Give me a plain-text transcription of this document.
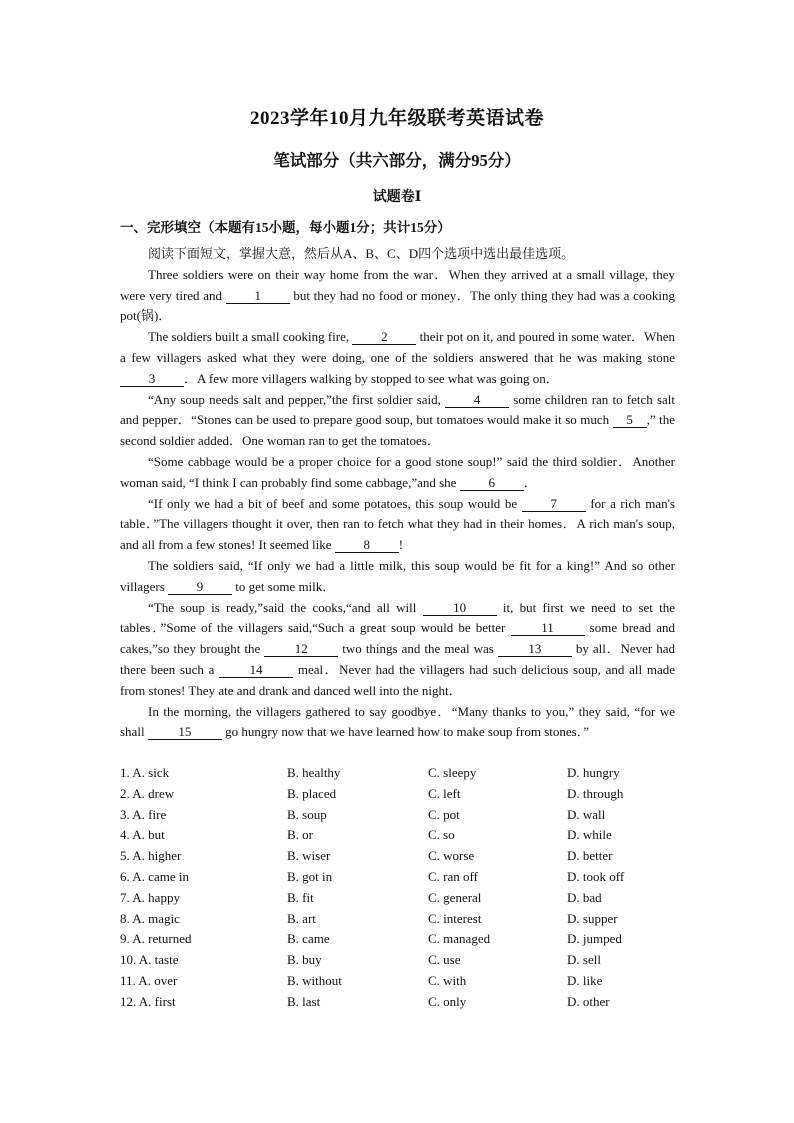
2023学年10月九年级联考英语试卷
笔试部分（共六部分，满分95分）
试题卷Ⅰ
一、完形填空（本题有15小题，每小题1分；共计15分）

阅读下面短文，掌握大意，然后从A、B、C、D四个选项中选出最佳选项。

Three soldiers were on their way home from the war．When they arrived at a small village, they were very tired and 1 but they had no food or money．The only thing they had was a cooking pot(锅)．

The soldiers built a small cooking fire, 2 their pot on it, and poured in some water．When a few villagers asked what they were doing, one of the soldiers answered that he was making stone 3 ．A few more villagers walking by stopped to see what was going on．

“Any soup needs salt and pepper,”the first soldier said, 4 some children ran to fetch salt and pepper．“Stones can be used to prepare good soup, but tomatoes would make it so much 5 ,” the second soldier added．One woman ran to get the tomatoes．

“Some cabbage would be a proper choice for a good stone soup!” said the third soldier．Another woman said, “I think I can probably find some cabbage,”and she 6 ．

“If only we had a bit of beef and some potatoes, this soup would be 7 for a rich man's table．”The villagers thought it over, then ran to fetch what they had in their homes．A rich man's soup, and all from a few stones! It seemed like 8 !

The soldiers said, “If only we had a little milk, this soup would be fit for a king!” And so other villagers 9 to get some milk．

“The soup is ready,”said the cooks,“and all will 10 it, but first we need to set the tables．”Some of the villagers said,“Such a great soup would be better 11 some bread and cakes,”so they brought the 12 two things and the meal was 13 by all．Never had there been such a 14 meal．Never had the villagers had such delicious soup, and all made from stones! They ate and drank and danced well into the night．

In the morning, the villagers gathered to say goodbye．“Many thanks to you,” they said, “for we shall 15 go hungry now that we have learned how to make soup from stones．”

1. A. sick	B. healthy	C. sleepy	D. hungry
2. A. drew	B. placed	C. left	D. through
3. A. fire	B. soup	C. pot	D. wall
4. A. but	B. or	C. so	D. while
5. A. higher	B. wiser	C. worse	D. better
6. A. came in	B. got in	C. ran off	D. took off
7. A. happy	B. fit	C. general	D. bad
8. A. magic	B. art	C. interest	D. supper
9. A. returned	B. came	C. managed	D. jumped
10. A. taste	B. buy	C. use	D. sell
11. A. over	B. without	C. with	D. like
12. A. first	B. last	C. only	D. other
